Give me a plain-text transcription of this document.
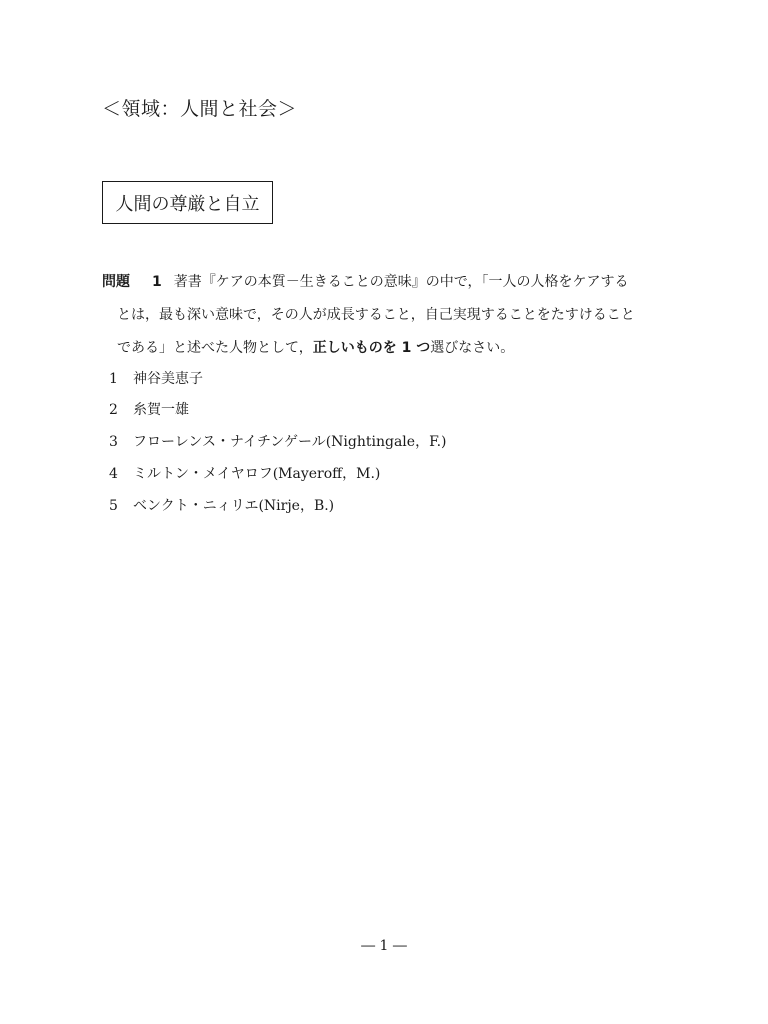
＜領域：人間と社会＞
人間の尊厳と自立
問題 1 著書『ケアの本質－生きることの意味』の中で，「一人の人格をケアする
とは，最も深い意味で，その人が成長すること，自己実現することをたすけること
である」と述べた人物として，正しいものを 1 つ選びなさい。
1 神谷美恵子
2 糸賀一雄
3 フローレンス・ナイチンゲール(Nightingale，F.)
4 ミルトン・メイヤロフ(Mayeroff，M.)
5 ベンクト・ニィリエ(Nirje，B.)
― 1 ―
